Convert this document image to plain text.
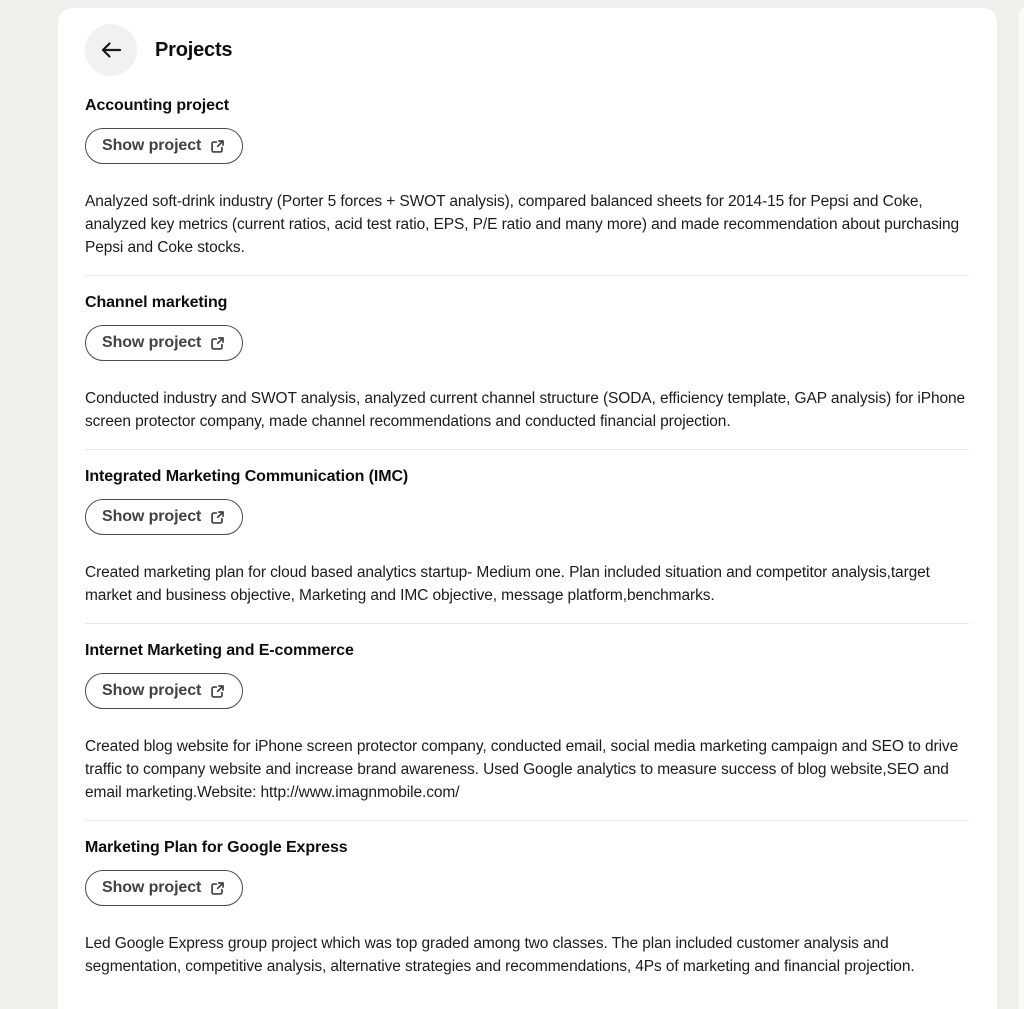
Projects
Accounting project
Show project

Analyzed soft-drink industry (Porter 5 forces + SWOT analysis), compared balanced sheets for 2014-15 for Pepsi and Coke, analyzed key metrics (current ratios, acid test ratio, EPS, P/E ratio and many more) and made recommendation about purchasing Pepsi and Coke stocks.

Channel marketing
Show project

Conducted industry and SWOT analysis, analyzed current channel structure (SODA, efficiency template, GAP analysis) for iPhone screen protector company, made channel recommendations and conducted financial projection.

Integrated Marketing Communication (IMC)
Show project

Created marketing plan for cloud based analytics startup- Medium one. Plan included situation and competitor analysis,target market and business objective, Marketing and IMC objective, message platform,benchmarks.

Internet Marketing and E-commerce
Show project

Created blog website for iPhone screen protector company, conducted email, social media marketing campaign and SEO to drive traffic to company website and increase brand awareness. Used Google analytics to measure success of blog website,SEO and email marketing.Website: http://www.imagnmobile.com/

Marketing Plan for Google Express
Show project

Led Google Express group project which was top graded among two classes. The plan included customer analysis and segmentation, competitive analysis, alternative strategies and recommendations, 4Ps of marketing and financial projection.
